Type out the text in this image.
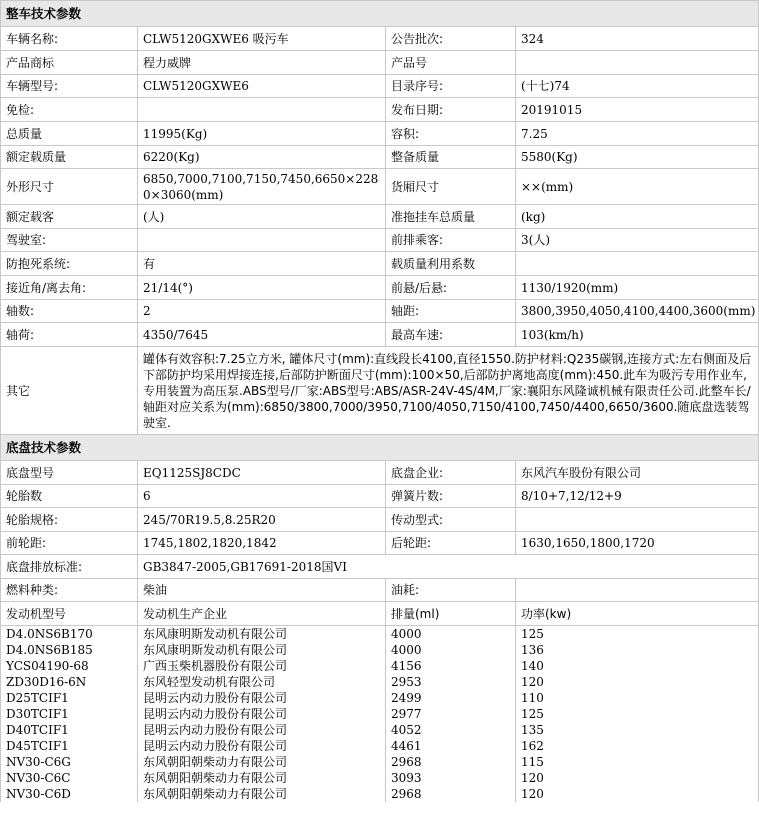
整车技术参数			
车辆名称:	CLW5120GXWE6 吸污车	公告批次:	324
产品商标	程力威牌	产品号	
车辆型号:	CLW5120GXWE6	目录序号:	(十七)74
免检:		发布日期:	20191015
总质量	11995(Kg)	容积:	7.25
额定载质量	6220(Kg)	整备质量	5580(Kg)
外形尺寸	6850,7000,7100,7150,7450,6650×2280×3060(mm)	货厢尺寸	××(mm)
额定载客	(人)	准拖挂车总质量	(kg)
驾驶室:		前排乘客:	3(人)
防抱死系统:	有	载质量利用系数	
接近角/离去角:	21/14(°)	前悬/后悬:	1130/1920(mm)
轴数:	2	轴距:	3800,3950,4050,4100,4400,3600(mm)
轴荷:	4350/7645	最高车速:	103(km/h)
其它	罐体有效容积:7.25立方米, 罐体尺寸(mm):直线段长4100,直径1550.防护材料:Q235碳钢,连接方式:左右侧面及后下部防护均采用焊接连接,后部防护断面尺寸(mm):100×50,后部防护离地高度(mm):450.此车为吸污专用作业车,专用装置为高压泵.ABS型号/厂家:ABS型号:ABS/ASR-24V-4S/4M,厂家:襄阳东风隆诚机械有限责任公司.此整车长/轴距对应关系为(mm):6850/3800,7000/3950,7100/4050,7150/4100,7450/4400,6650/3600.随底盘选装驾驶室.		
底盘技术参数			
底盘型号	EQ1125SJ8CDC	底盘企业:	东风汽车股份有限公司
轮胎数	6	弹簧片数:	8/10+7,12/12+9
轮胎规格:	245/70R19.5,8.25R20	传动型式:	
前轮距:	1745,1802,1820,1842	后轮距:	1630,1650,1800,1720
底盘排放标准:	GB3847-2005,GB17691-2018国VI		
燃料种类:	柴油	油耗:	
发动机型号	发动机生产企业	排量(ml)	功率(kw)
D4.0NS6B170	东风康明斯发动机有限公司	4000	125
D4.0NS6B185	东风康明斯发动机有限公司	4000	136
YCS04190-68	广西玉柴机器股份有限公司	4156	140
ZD30D16-6N	东风轻型发动机有限公司	2953	120
D25TCIF1	昆明云内动力股份有限公司	2499	110
D30TCIF1	昆明云内动力股份有限公司	2977	125
D40TCIF1	昆明云内动力股份有限公司	4052	135
D45TCIF1	昆明云内动力股份有限公司	4461	162
NV30-C6G	东风朝阳朝柴动力有限公司	2968	115
NV30-C6C	东风朝阳朝柴动力有限公司	3093	120
NV30-C6D	东风朝阳朝柴动力有限公司	2968	120
